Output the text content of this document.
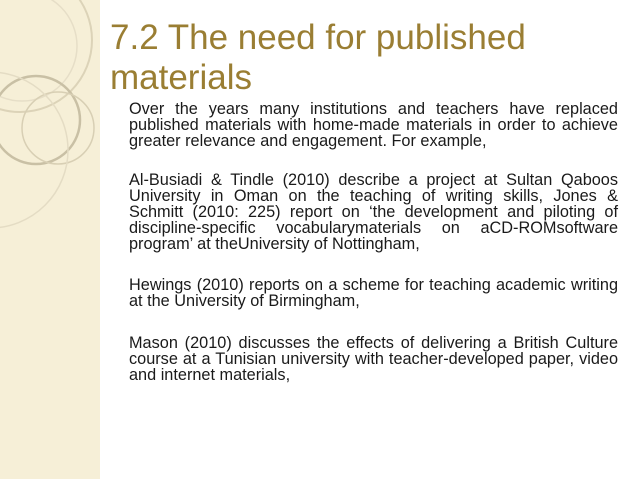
7.2 The need for published materials

Over the years many institutions and teachers have replaced published materials with home-made materials in order to achieve greater relevance and engagement. For example,

Al-Busiadi & Tindle (2010) describe a project at Sultan Qaboos University in Oman on the teaching of writing skills, Jones & Schmitt (2010: 225) report on ‘the development and piloting of discipline-specific vocabularymaterials on aCD-ROMsoftware program’ at theUniversity of Nottingham,
Hewings (2010) reports on a scheme for teaching academic writing at the University of Birmingham,
Mason (2010) discusses the effects of delivering a British Culture course at a Tunisian university with teacher-developed paper, video and internet materials,
